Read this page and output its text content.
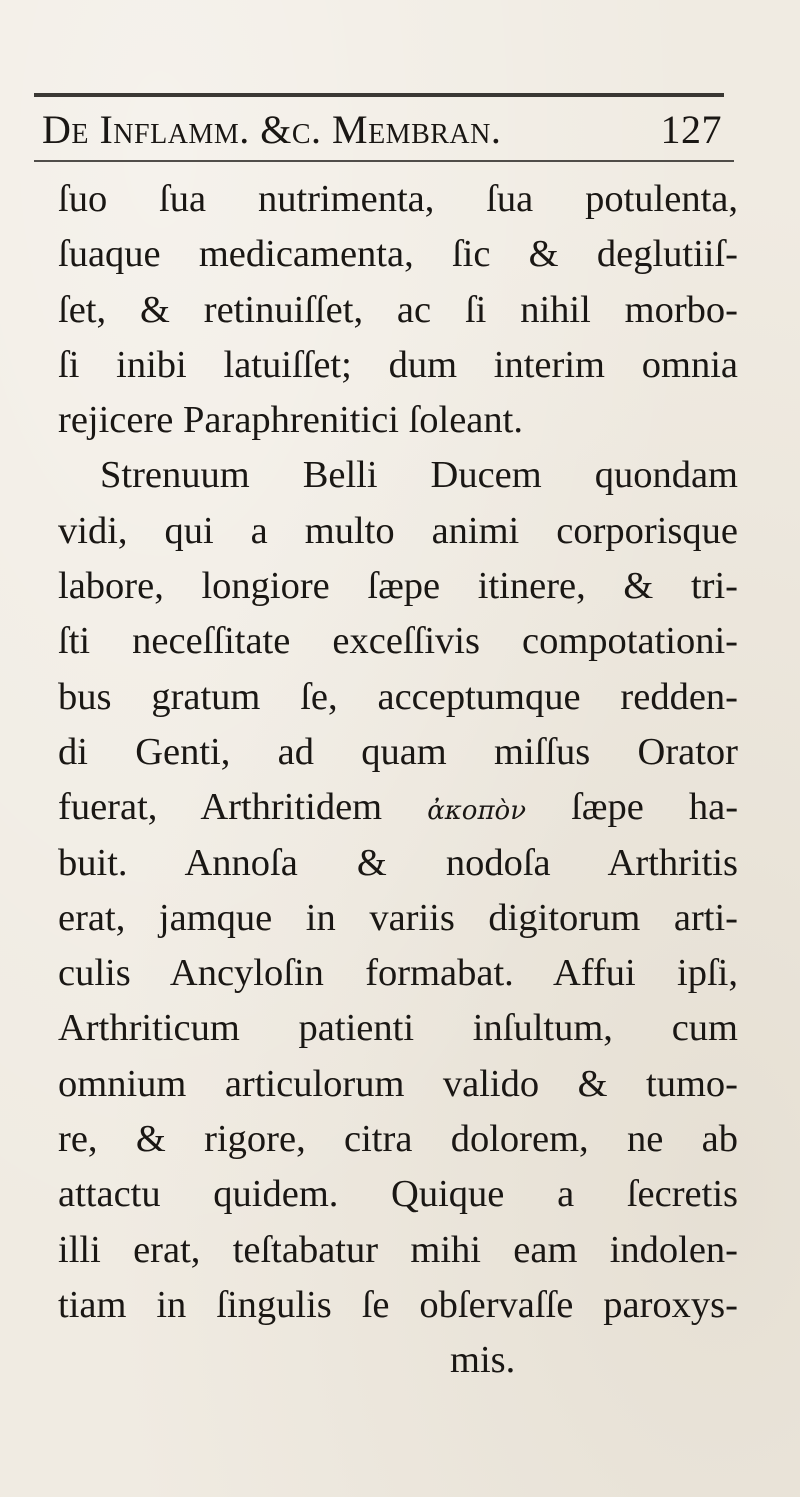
De Inflamm. &c. Membran.	127
ſuo ſua nutrimenta, ſua potulenta,
ſuaque medicamenta, ſic & deglutiiſ-
ſet, & retinuiſſet, ac ſi nihil morbo-
ſi inibi latuiſſet; dum interim omnia
rejicere Paraphrenitici ſoleant.
Strenuum Belli Ducem quondam
vidi, qui a multo animi corporisque
labore, longiore ſæpe itinere, & tri-
ſti neceſſitate exceſſivis compotationi-
bus gratum ſe, acceptumque redden-
di Genti, ad quam miſſus Orator
fuerat, Arthritidem ἀκοπὸν ſæpe ha-
buit. Annoſa & nodoſa Arthritis
erat, jamque in variis digitorum arti-
culis Ancyloſin formabat. Affui ipſi,
Arthriticum patienti inſultum, cum
omnium articulorum valido & tumo-
re, & rigore, citra dolorem, ne ab
attactu quidem. Quique a ſecretis
illi erat, teſtabatur mihi eam indolen-
tiam in ſingulis ſe obſervaſſe paroxys-
mis.
